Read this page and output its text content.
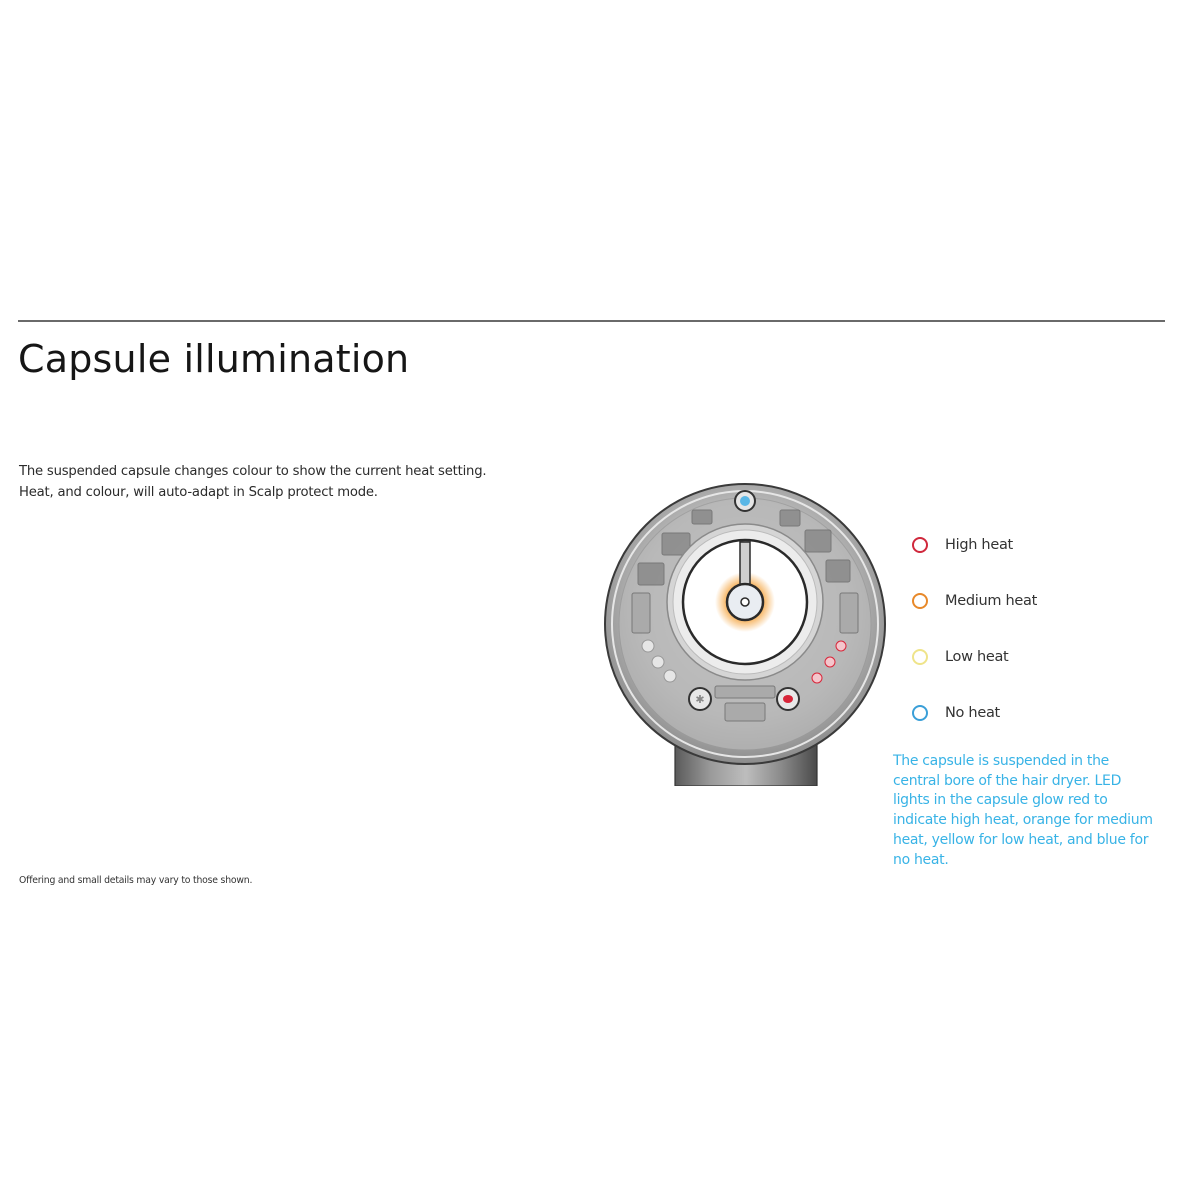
Capsule illumination
The suspended capsule changes colour to show the current heat setting.
Heat, and colour, will auto-adapt in Scalp protect mode.
✱
High heat
Medium heat
Low heat
No heat
The capsule is suspended in the central bore of the hair dryer. LED lights in the capsule glow red to indicate high heat, orange for medium heat, yellow for low heat, and blue for no heat.
Offering and small details may vary to those shown.
